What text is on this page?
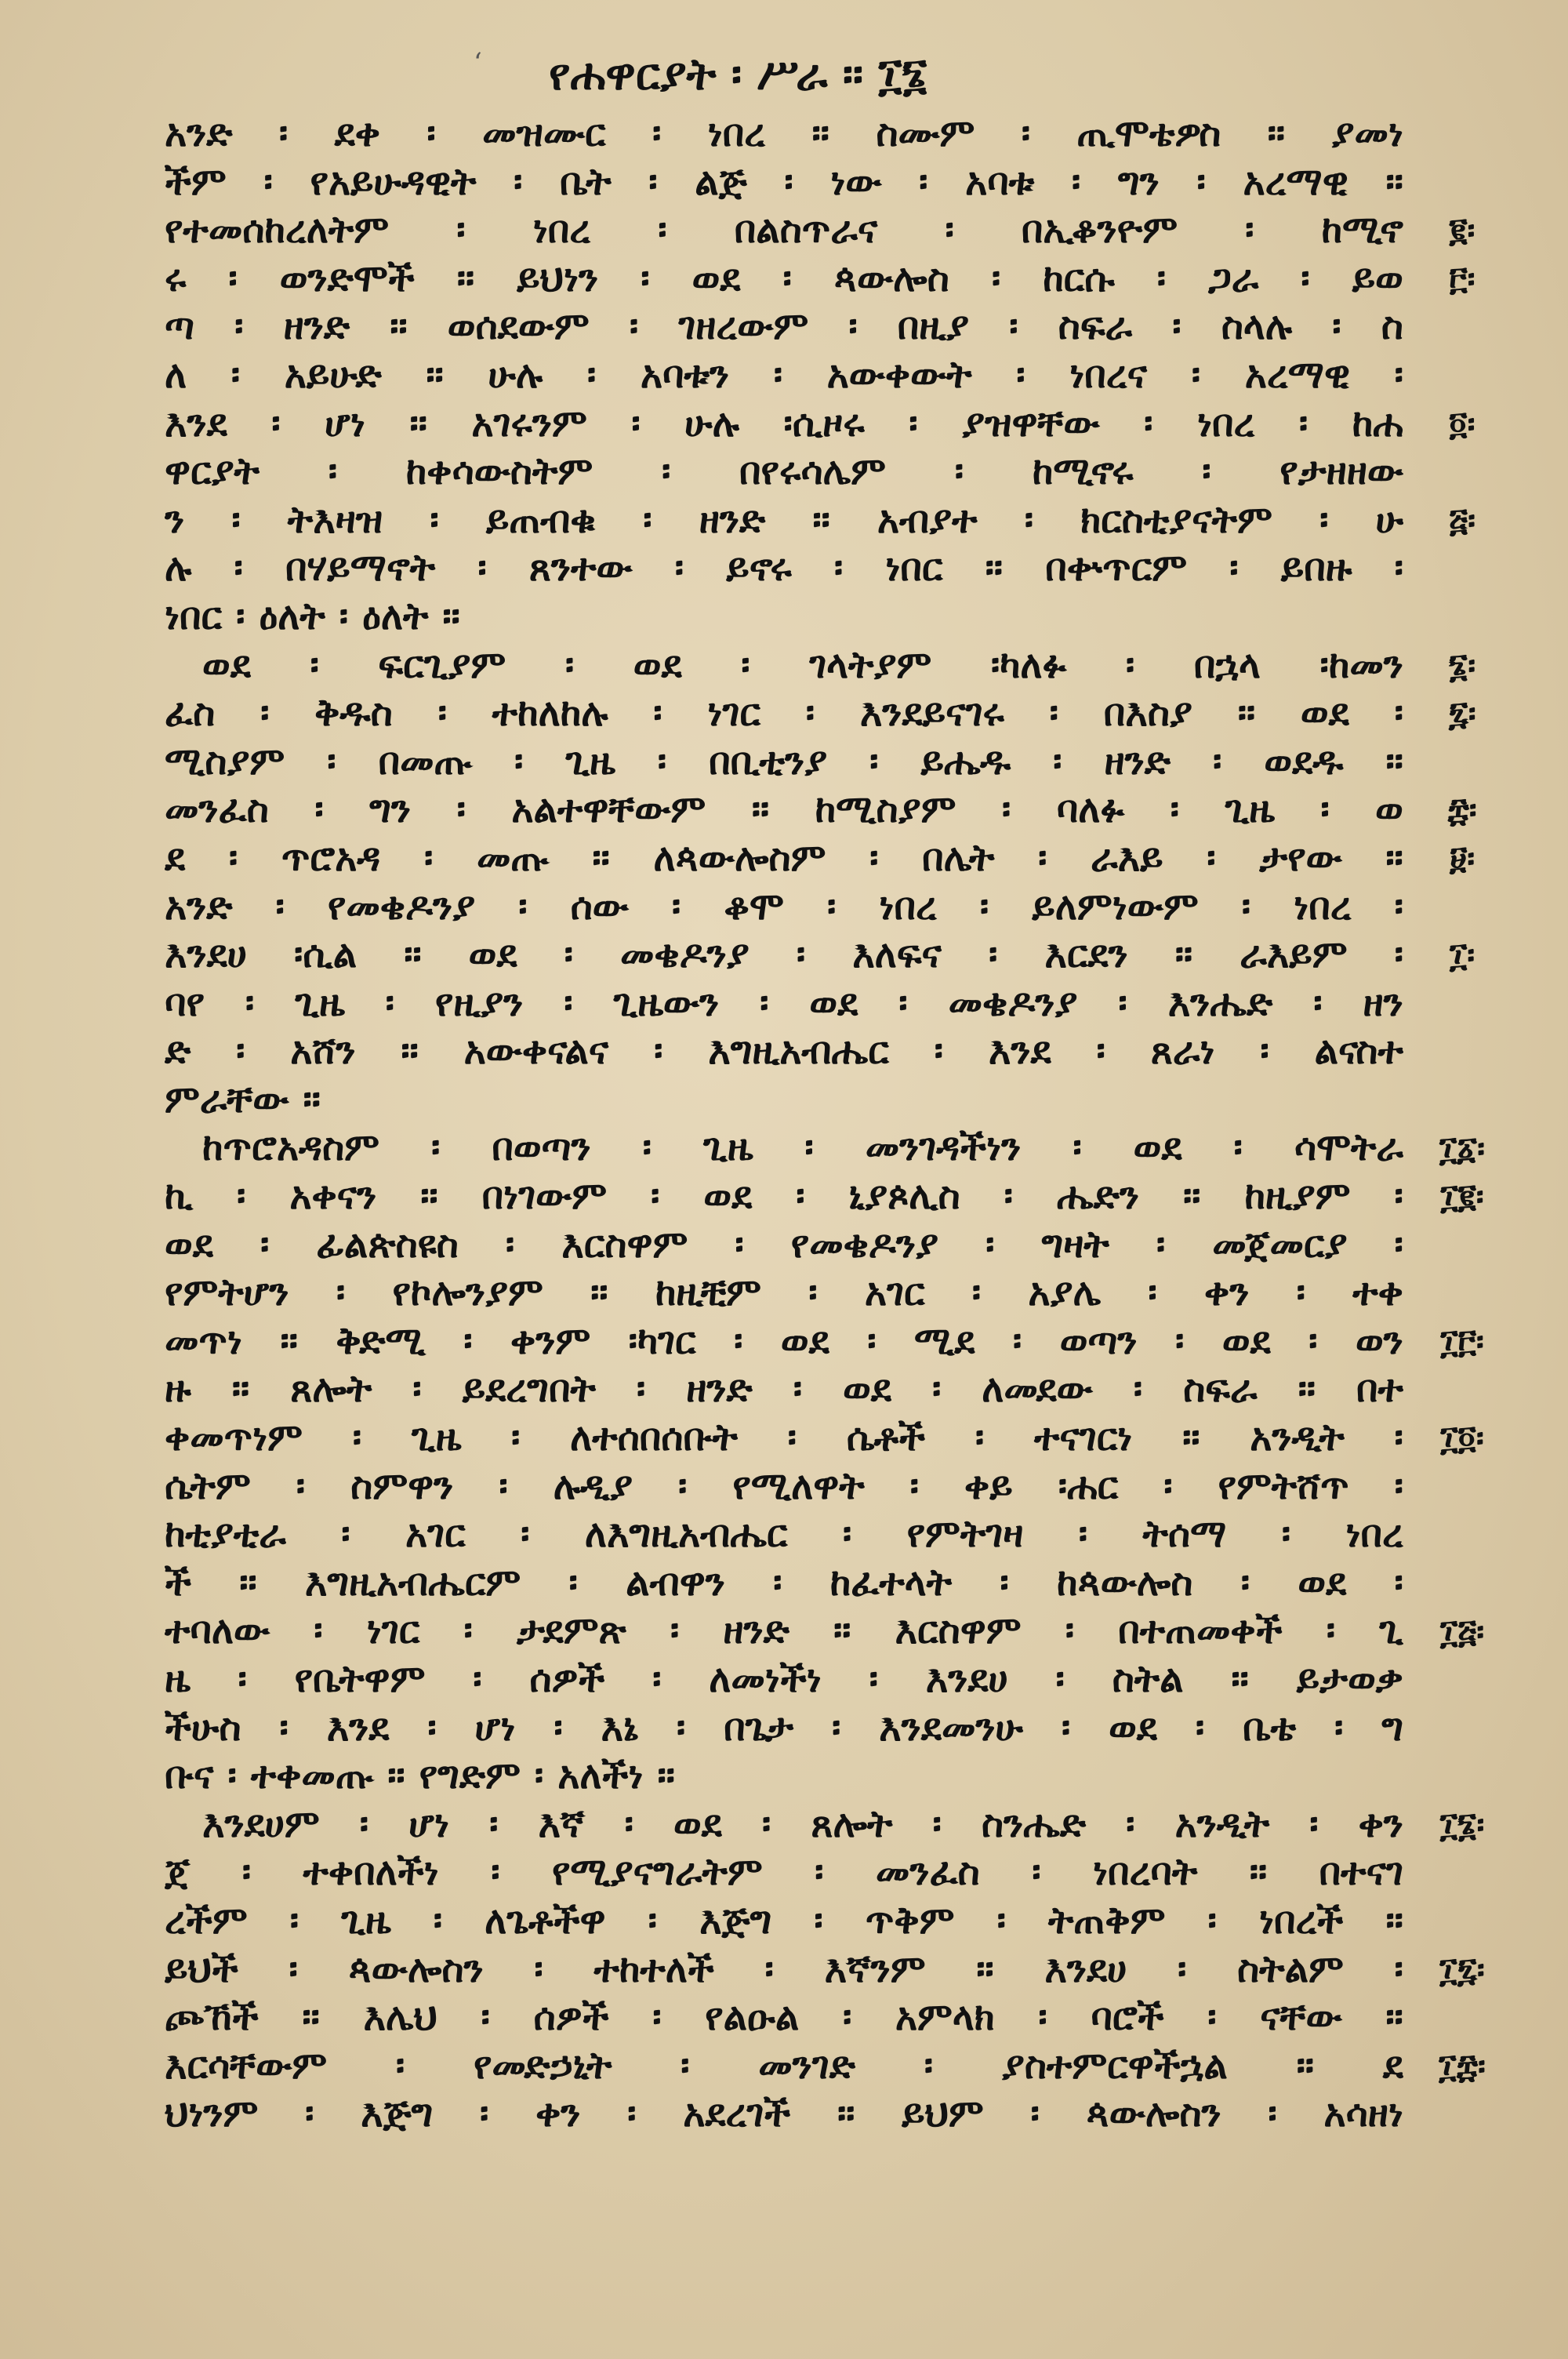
ʻ የሐዋርያት ፡ ሥራ ። ፲፮
አንድ ፡ ደቀ ፡ መዝሙር ፡ ነበረ ። ስሙም ፡ ጢሞቴዎስ ። ያመነ
ችም ፡ የአይሁዳዊት ፡ ቤት ፡ ልጅ ፡ ነው ፡ አባቱ ፡ ግን ፡ አረማዊ ።
የተመሰከረለትም ፡ ነበረ ፡ በልስጥራና ፡ በኢቆንዮም ፡ ከሚኖ
ሩ ፡ ወንድሞች ። ይህነን ፡ ወደ ፡ ጳውሎስ ፡ ከርሱ ፡ ጋራ ፡ ይወ
ጣ ፡ ዘንድ ። ወሰደውም ፡ ገዘረውም ፡ በዚያ ፡ ስፍራ ፡ ስላሉ ፡ ስ
ለ ፡ አይሁድ ። ሁሉ ፡ አባቱን ፡ አውቀውት ፡ ነበረና ፡ አረማዊ ፡
እንደ ፡ ሆነ ። አገሩንም ፡ ሁሉ ፡ሲዞሩ ፡ ያዝዋቸው ፡ ነበረ ፡ ከሐ
ዋርያት ፡ ከቀሳውስትም ፡ በየሩሳሌም ፡ ከሚኖሩ ፡ የታዘዘው
ን ፡ ትእዛዝ ፡ ይጠብቁ ፡ ዘንድ ። አብያተ ፡ ክርስቲያናትም ፡ ሁ
ሉ ፡ በሃይማኖት ፡ ጸንተው ፡ ይኖሩ ፡ ነበር ። በቍጥርም ፡ ይበዙ ፡
ነበር ፡ ዕለት ፡ ዕለት ።
ወደ ፡ ፍርጊያም ፡ ወደ ፡ ገላትያም ፡ካለፉ ፡ በኋላ ፡ከመን
ፈስ ፡ ቅዱስ ፡ ተከለከሉ ፡ ነገር ፡ እንደይናገሩ ፡ በእስያ ። ወደ ፡
ሚስያም ፡ በመጡ ፡ ጊዜ ፡ በቢቲንያ ፡ ይሔዱ ፡ ዘንድ ፡ ወደዱ ።
መንፈስ ፡ ግን ፡ አልተዋቸውም ። ከሚስያም ፡ ባለፉ ፡ ጊዜ ፡ ወ
ደ ፡ ጥሮአዳ ፡ መጡ ። ለጳውሎስም ፡ በሌት ፡ ራእይ ፡ ታየው ።
አንድ ፡ የመቄዶንያ ፡ ሰው ፡ ቆሞ ፡ ነበረ ፡ ይለምነውም ፡ ነበረ ፡
እንደሀ ፡ሲል ። ወደ ፡ መቄዶንያ ፡ እለፍና ፡ እርደን ። ራእይም ፡
ባየ ፡ ጊዜ ፡ የዚያን ፡ ጊዜውን ፡ ወደ ፡ መቄዶንያ ፡ እንሔድ ፡ ዘን
ድ ፡ አሸን ። አውቀናልና ፡ እግዚአብሔር ፡ እንደ ፡ ጸራነ ፡ ልናስተ
ምራቸው ።
ከጥሮአዳስም ፡ በወጣን ፡ ጊዜ ፡ መንገዳችነን ፡ ወደ ፡ ሳሞትራ
ኪ ፡ አቀናን ። በነገውም ፡ ወደ ፡ ኒያጶሊስ ፡ ሔድን ። ከዚያም ፡
ወደ ፡ ፊልጵስዩስ ፡ እርስዋም ፡ የመቄዶንያ ፡ ግዛት ፡ መጀመርያ ፡
የምትሆን ፡ የኮሎንያም ። ከዚቺም ፡ አገር ፡ አያሌ ፡ ቀን ፡ ተቀ
መጥነ ። ቅድሚ ፡ ቀንም ፡ካገር ፡ ወደ ፡ ሚደ ፡ ወጣን ፡ ወደ ፡ ወን
ዙ ። ጸሎት ፡ ይደረግበት ፡ ዘንድ ፡ ወደ ፡ ለመደው ፡ ስፍራ ። በተ
ቀመጥነም ፡ ጊዜ ፡ ለተሰበሰቡት ፡ ሴቶች ፡ ተናገርነ ። አንዲት ፡
ሴትም ፡ ስምዋን ፡ ሉዲያ ፡ የሚለዋት ፡ ቀይ ፡ሐር ፡ የምትሸጥ ፡
ከቲያቲራ ፡ አገር ፡ ለእግዚአብሔር ፡ የምትገዛ ፡ ትሰማ ፡ ነበረ
ች ። እግዚአብሔርም ፡ ልብዋን ፡ ከፈተላት ፡ ከጳውሎስ ፡ ወደ ፡
ተባለው ፡ ነገር ፡ ታደምጽ ፡ ዘንድ ። እርስዋም ፡ በተጠመቀች ፡ ጊ
ዜ ፡ የቤትዋም ፡ ሰዎች ፡ ለመነችነ ፡ እንደሀ ፡ ስትል ። ይታወቃ
ችሁስ ፡ እንደ ፡ ሆነ ፡ እኔ ፡ በጌታ ፡ እንደመንሁ ፡ ወደ ፡ ቤቴ ፡ ግ
ቡና ፡ ተቀመጡ ። የግድም ፡ አለችነ ።
እንደሀም ፡ ሆነ ፡ እኛ ፡ ወደ ፡ ጸሎት ፡ ስንሔድ ፡ አንዲት ፡ ቀን
ጀ ፡ ተቀበለችነ ፡ የሚያናግራትም ፡ መንፈስ ፡ ነበረባት ። በተናገ
ረችም ፡ ጊዜ ፡ ለጌቶችዋ ፡ እጅግ ፡ ጥቅም ፡ ትጠቅም ፡ ነበረች ።
ይህች ፡ ጳውሎስን ፡ ተከተለች ፡ እኛንም ። እንደሀ ፡ ስትልም ፡
ጮኸች ። እሌህ ፡ ሰዎች ፡ የልዑል ፡ አምላክ ፡ ባሮች ፡ ናቸው ።
እርሳቸውም ፡ የመድኃኒት ፡ መንገድ ፡ ያስተምርዋችኋል ። ደ
ህነንም ፡ እጅግ ፡ ቀን ፡ አደረገች ። ይህም ፡ ጳውሎስን ፡ አሳዘነ
፪፡
፫፡
፬፡
፭፡
፮፡
፯፡
፰፡
፱፡
፲፡
፲፩፡
፲፪፡
፲፫፡
፲፬፡
፲፭፡
፲፮፡
፲፯፡
፲፰፡
